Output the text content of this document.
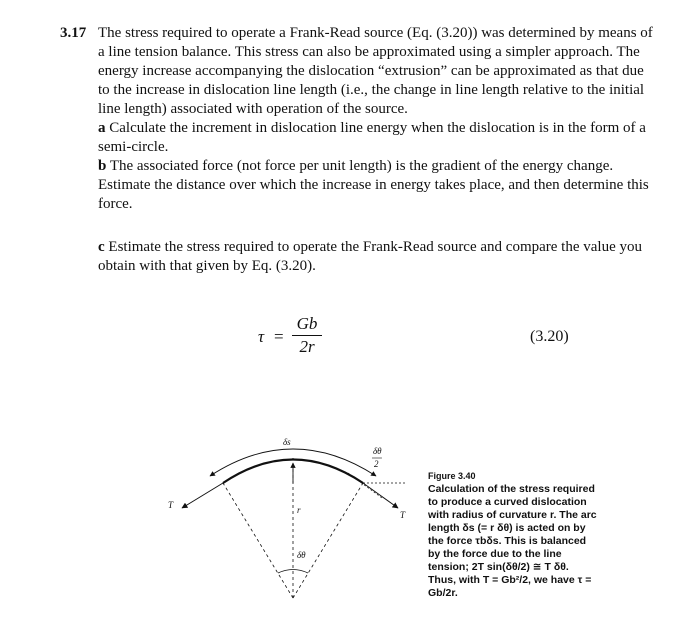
3.17 The stress required to operate a Frank-Read source (Eq. (3.20)) was determined by means of a line tension balance. This stress can also be approximated using a simpler approach. The energy increase accompanying the dislocation “extrusion” can be approximated as that due to the increase in dislocation line length (i.e., the change in line length relative to the initial line length) associated with operation of the source.
a Calculate the increment in dislocation line energy when the dislocation is in the form of a semi-circle.
b The associated force (not force per unit length) is the gradient of the energy change. Estimate the distance over which the increase in energy takes place, and then determine this force.
c Estimate the stress required to operate the Frank-Read source and compare the value you obtain with that given by Eq. (3.20).
τ =
Gb
2r
(3.20)
δs
δθ
2
T
T
r
δθ
Figure 3.40
Calculation of the stress required to produce a curved dislocation with radius of curvature r. The arc length δs (= r δθ) is acted on by the force τbδs. This is balanced by the force due to the line tension; 2T sin(δθ/2) ≅ T δθ. Thus, with T = Gb²/2, we have τ = Gb/2r.
